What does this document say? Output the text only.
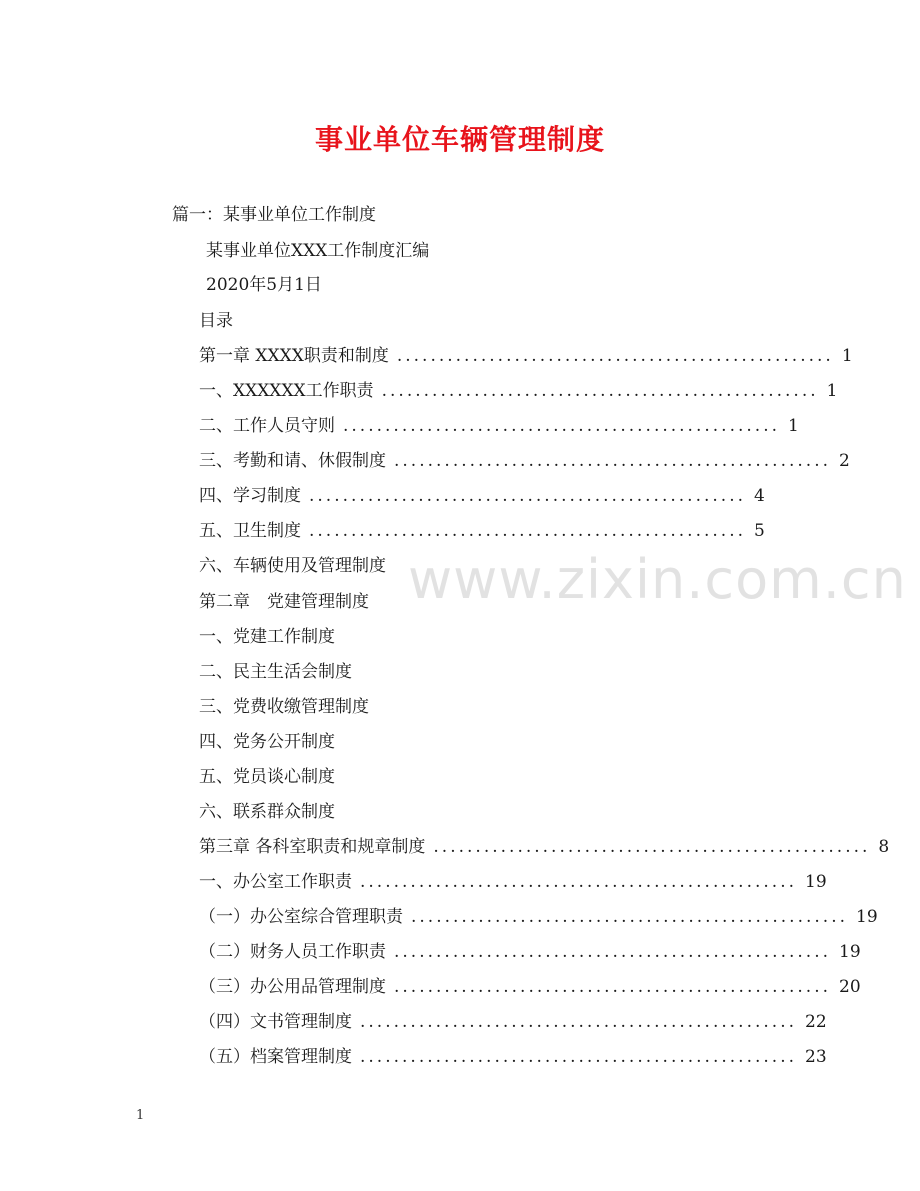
事业单位车辆管理制度
篇一：某事业单位工作制度
某事业单位XXX工作制度汇编
2020年5月1日
目录
第一章 XXXX职责和制度 .................................................... 1
一、XXXXXX工作职责 .................................................... 1
二、工作人员守则 .................................................... 1
三、考勤和请、休假制度 .................................................... 2
四、学习制度 .................................................... 4
五、卫生制度 .................................................... 5
六、车辆使用及管理制度
第二章　党建管理制度
一、党建工作制度
二、民主生活会制度
三、党费收缴管理制度
四、党务公开制度
五、党员谈心制度
六、联系群众制度
第三章 各科室职责和规章制度 .................................................... 8
一、办公室工作职责 .................................................... 19
（一）办公室综合管理职责 .................................................... 19
（二）财务人员工作职责 .................................................... 19
（三）办公用品管理制度 .................................................... 20
（四）文书管理制度 .................................................... 22
（五）档案管理制度 .................................................... 23
www.zixin.com.cn
1
